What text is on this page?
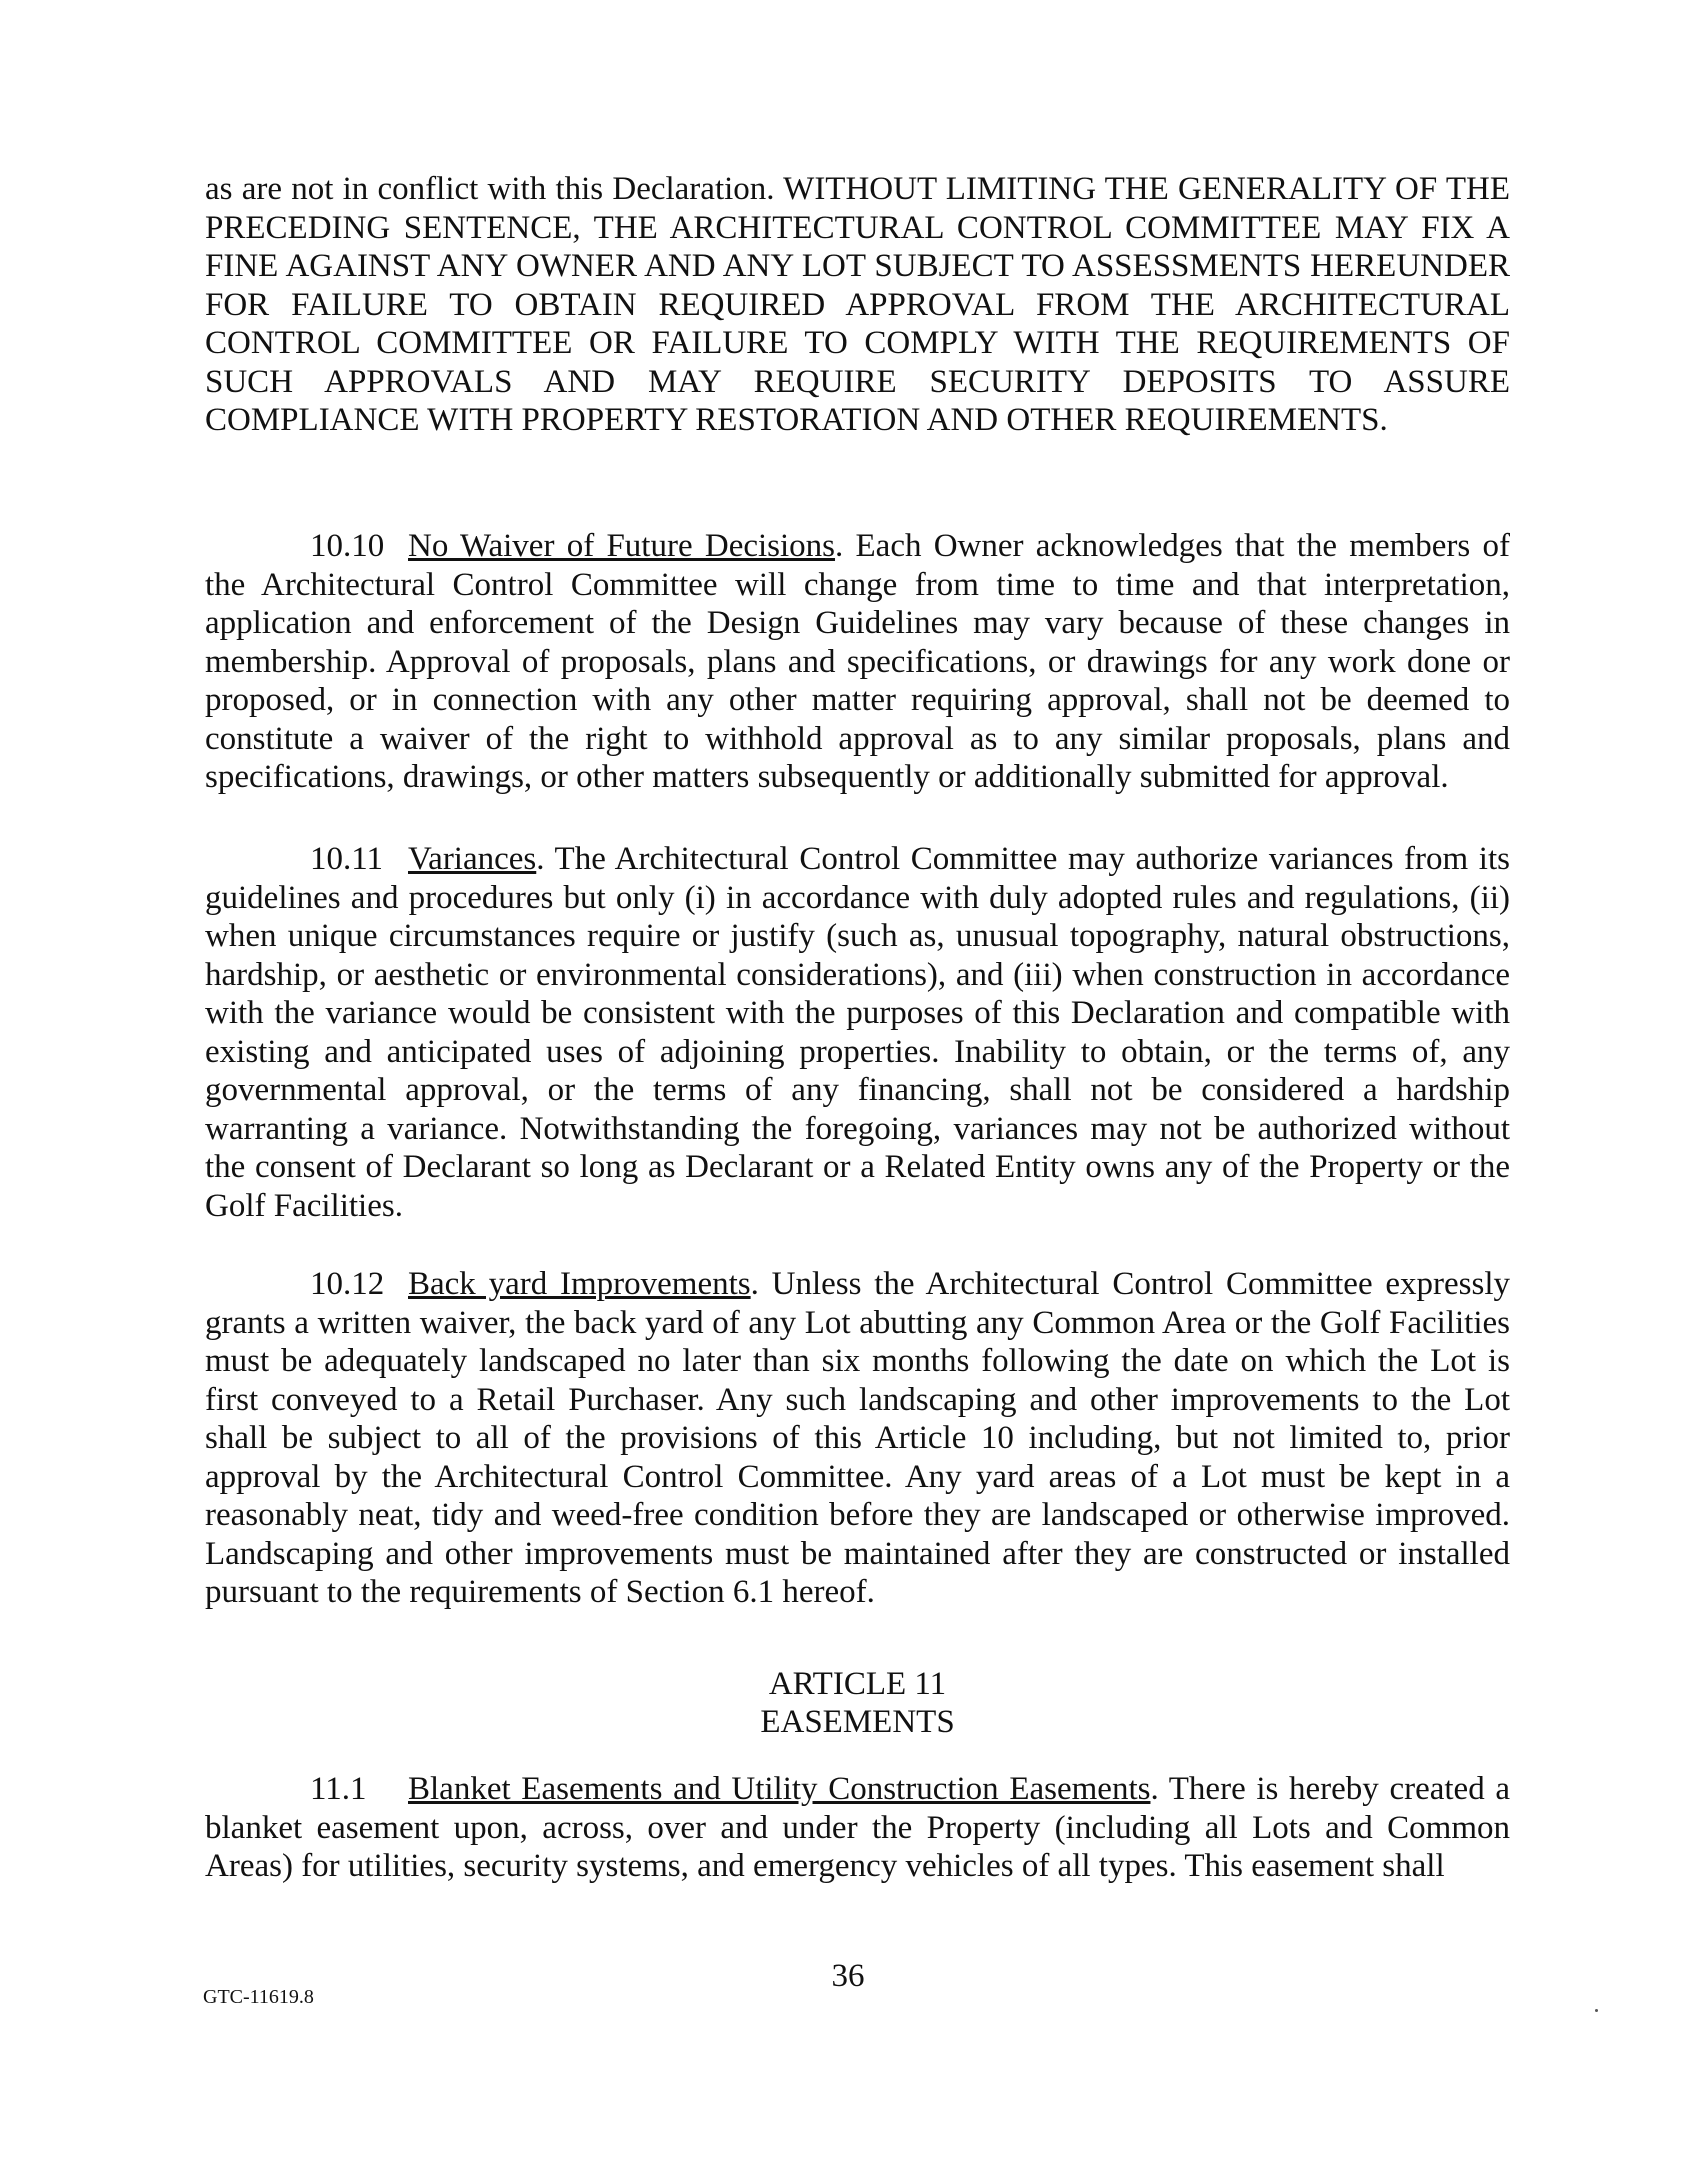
as are not in conflict with this Declaration. WITHOUT LIMITING THE GENERALITY OF THE PRECEDING SENTENCE, THE ARCHITECTURAL CONTROL COMMITTEE MAY FIX A FINE AGAINST ANY OWNER AND ANY LOT SUBJECT TO ASSESSMENTS HEREUNDER FOR FAILURE TO OBTAIN REQUIRED APPROVAL FROM THE ARCHITECTURAL CONTROL COMMITTEE OR FAILURE TO COMPLY WITH THE REQUIREMENTS OF SUCH APPROVALS AND MAY REQUIRE SECURITY DEPOSITS TO ASSURE COMPLIANCE WITH PROPERTY RESTORATION AND OTHER REQUIREMENTS.

10.10 No Waiver of Future Decisions. Each Owner acknowledges that the members of the Architectural Control Committee will change from time to time and that interpretation, application and enforcement of the Design Guidelines may vary because of these changes in membership. Approval of proposals, plans and specifications, or drawings for any work done or proposed, or in connection with any other matter requiring approval, shall not be deemed to constitute a waiver of the right to withhold approval as to any similar proposals, plans and specifications, drawings, or other matters subsequently or additionally submitted for approval.

10.11 Variances. The Architectural Control Committee may authorize variances from its guidelines and procedures but only (i) in accordance with duly adopted rules and regulations, (ii) when unique circumstances require or justify (such as, unusual topography, natural obstructions, hardship, or aesthetic or environmental considerations), and (iii) when construction in accordance with the variance would be consistent with the purposes of this Declaration and compatible with existing and anticipated uses of adjoining properties. Inability to obtain, or the terms of, any governmental approval, or the terms of any financing, shall not be considered a hardship warranting a variance. Notwithstanding the foregoing, variances may not be authorized without the consent of Declarant so long as Declarant or a Related Entity owns any of the Property or the Golf Facilities.

10.12 Back yard Improvements. Unless the Architectural Control Committee expressly grants a written waiver, the back yard of any Lot abutting any Common Area or the Golf Facilities must be adequately landscaped no later than six months following the date on which the Lot is first conveyed to a Retail Purchaser. Any such landscaping and other improvements to the Lot shall be subject to all of the provisions of this Article 10 including, but not limited to, prior approval by the Architectural Control Committee. Any yard areas of a Lot must be kept in a reasonably neat, tidy and weed-free condition before they are landscaped or otherwise improved. Landscaping and other improvements must be maintained after they are constructed or installed pursuant to the requirements of Section 6.1 hereof.

ARTICLE 11
EASEMENTS

11.1 Blanket Easements and Utility Construction Easements. There is hereby created a blanket easement upon, across, over and under the Property (including all Lots and Common Areas) for utilities, security systems, and emergency vehicles of all types. This easement shall

GTC-11619.8
36
